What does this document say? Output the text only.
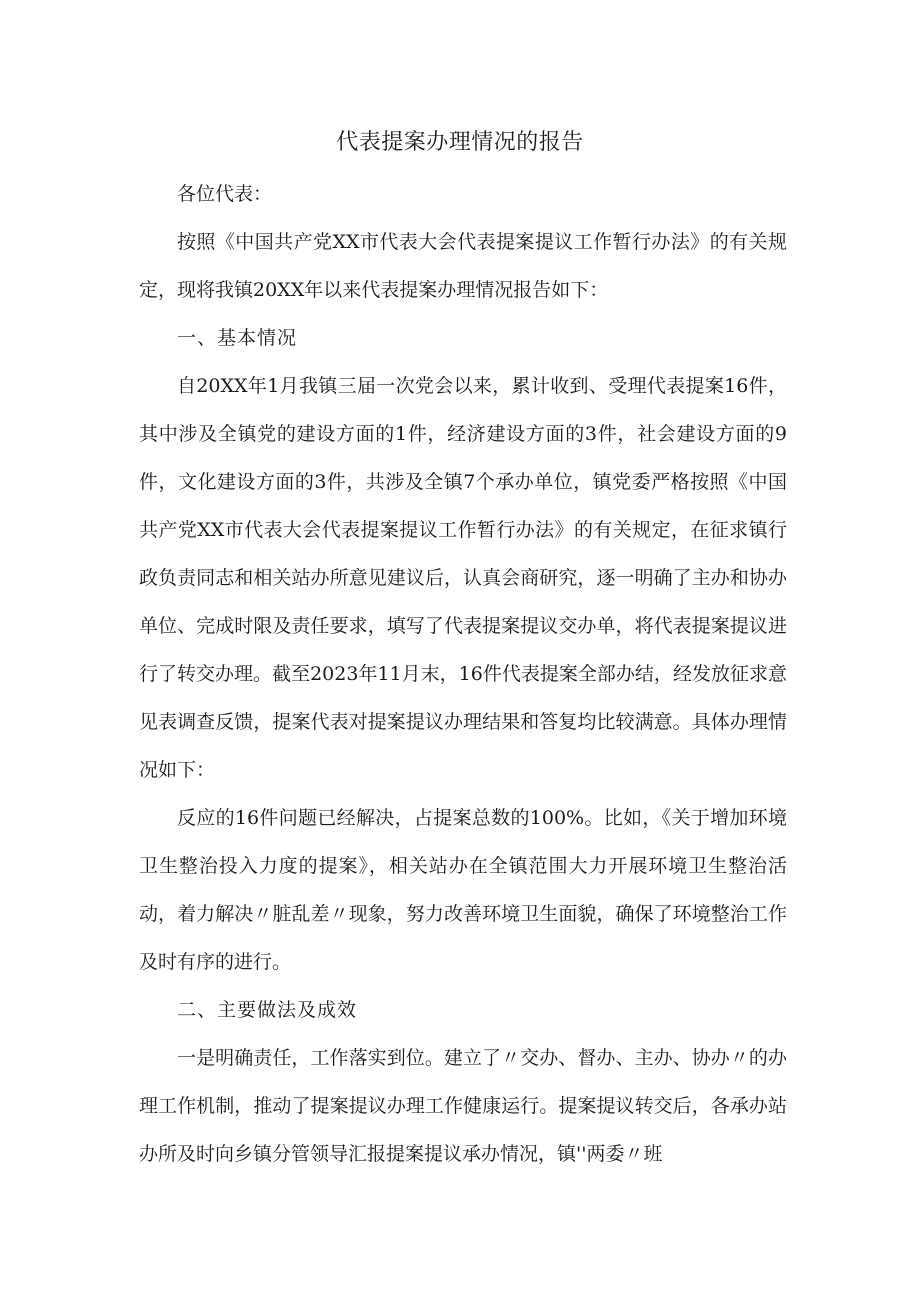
代表提案办理情况的报告

各位代表：

按照《中国共产党XX市代表大会代表提案提议工作暂行办法》的有关规定，现将我镇20XX年以来代表提案办理情况报告如下：

一、基本情况

自20XX年1月我镇三届一次党会以来，累计收到、受理代表提案16件，其中涉及全镇党的建设方面的1件，经济建设方面的3件，社会建设方面的9件，文化建设方面的3件，共涉及全镇7个承办单位，镇党委严格按照《中国共产党XX市代表大会代表提案提议工作暂行办法》的有关规定，在征求镇行政负责同志和相关站办所意见建议后，认真会商研究，逐一明确了主办和协办单位、完成时限及责任要求，填写了代表提案提议交办单，将代表提案提议进行了转交办理。截至2023年11月末，16件代表提案全部办结，经发放征求意见表调查反馈，提案代表对提案提议办理结果和答复均比较满意。具体办理情况如下：

反应的16件问题已经解决，占提案总数的100%。比如，《关于增加环境卫生整治投入力度的提案》，相关站办在全镇范围大力开展环境卫生整治活动，着力解决〃脏乱差〃现象，努力改善环境卫生面貌，确保了环境整治工作及时有序的进行。

二、主要做法及成效

一是明确责任，工作落实到位。建立了〃交办、督办、主办、协办〃的办理工作机制，推动了提案提议办理工作健康运行。提案提议转交后，各承办站办所及时向乡镇分管领导汇报提案提议承办情况，镇''两委〃班
